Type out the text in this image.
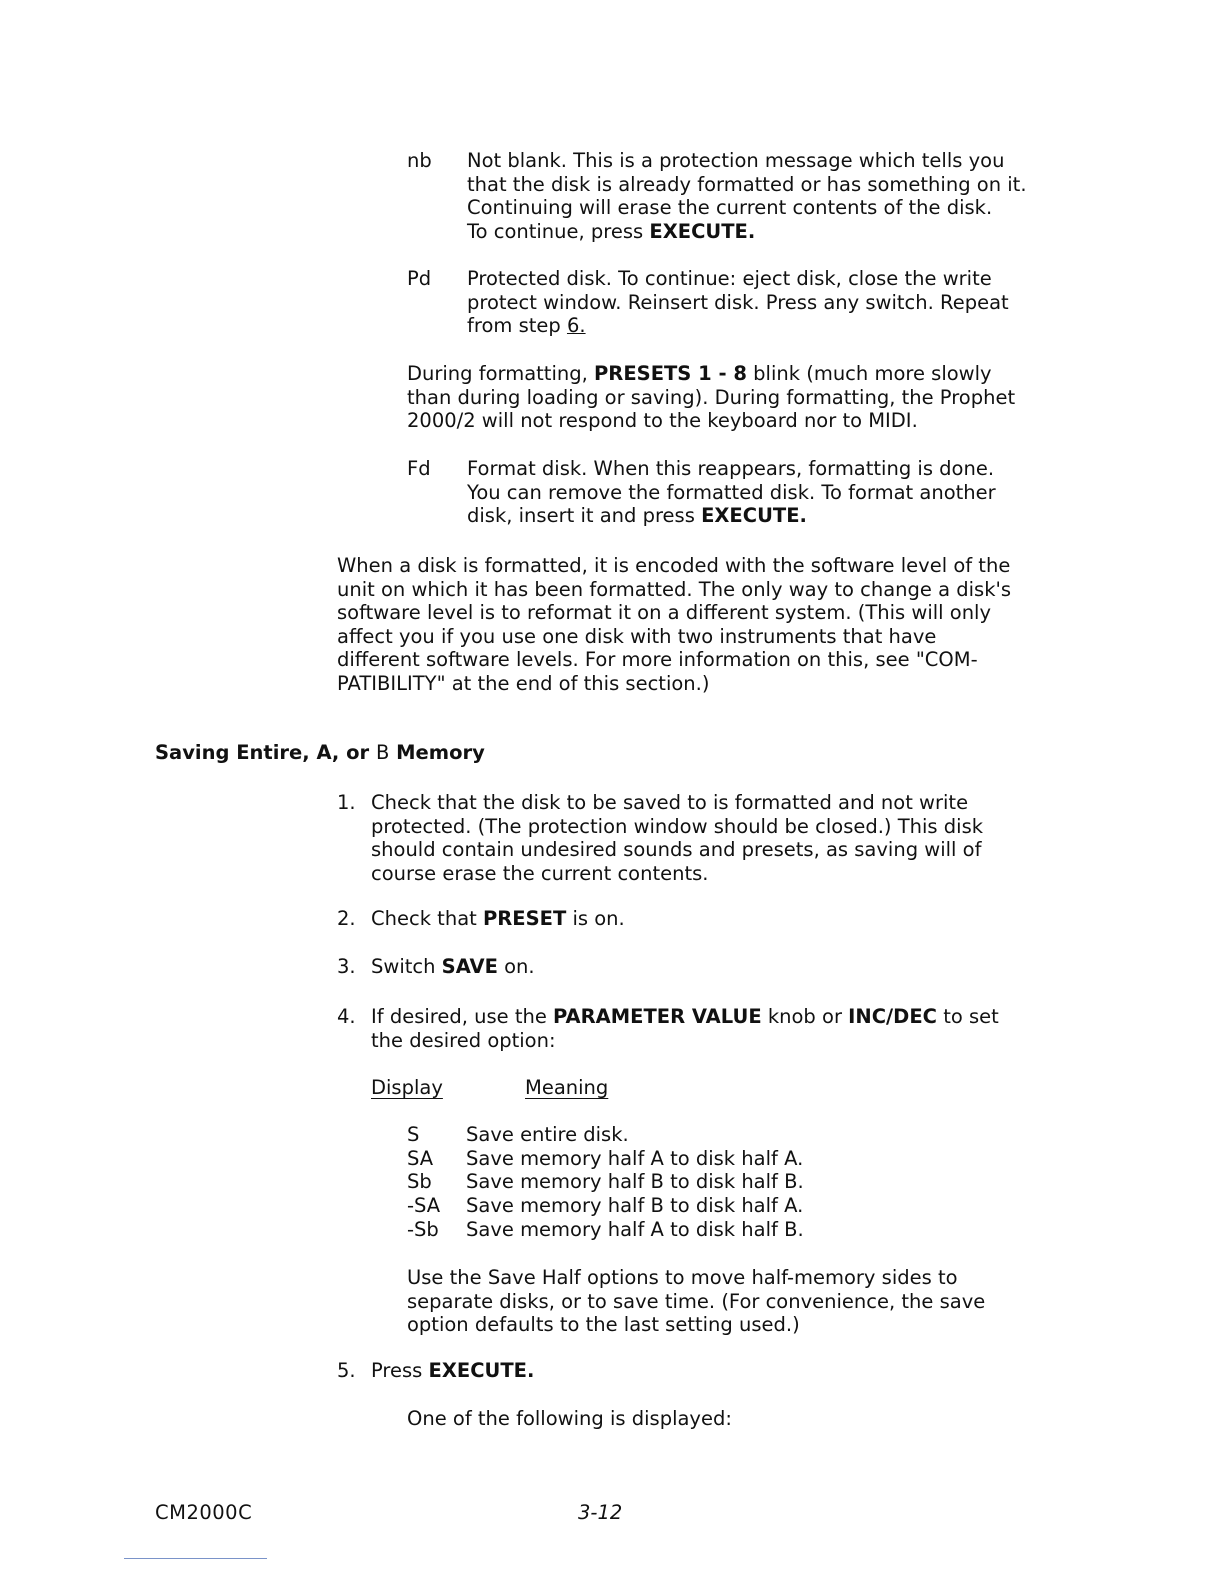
nb Not blank. This is a protection message which tells you
that the disk is already formatted or has something on it.
Continuing will erase the current contents of the disk.
To continue, press EXECUTE.
Pd Protected disk. To continue: eject disk, close the write
protect window. Reinsert disk. Press any switch. Repeat
from step 6.
During formatting, PRESETS 1 - 8 blink (much more slowly
than during loading or saving). During formatting, the Prophet
2000/2 will not respond to the keyboard nor to MIDI.
Fd Format disk. When this reappears, formatting is done.
You can remove the formatted disk. To format another
disk, insert it and press EXECUTE.
When a disk is formatted, it is encoded with the software level of the
unit on which it has been formatted. The only way to change a disk's
software level is to reformat it on a different system. (This will only
affect you if you use one disk with two instruments that have
different software levels. For more information on this, see "COM-
PATIBILITY" at the end of this section.)
Saving Entire, A, or B Memory
1. Check that the disk to be saved to is formatted and not write
protected. (The protection window should be closed.) This disk
should contain undesired sounds and presets, as saving will of
course erase the current contents.
2. Check that PRESET is on.
3. Switch SAVE on.
4. If desired, use the PARAMETER VALUE knob or INC/DEC to set
the desired option:
Display	Meaning
S Save entire disk.
SA Save memory half A to disk half A.
Sb Save memory half B to disk half B.
-SA Save memory half B to disk half A.
-Sb Save memory half A to disk half B.
Use the Save Half options to move half-memory sides to
separate disks, or to save time. (For convenience, the save
option defaults to the last setting used.)
5. Press EXECUTE.
One of the following is displayed:
CM2000C	3-12
